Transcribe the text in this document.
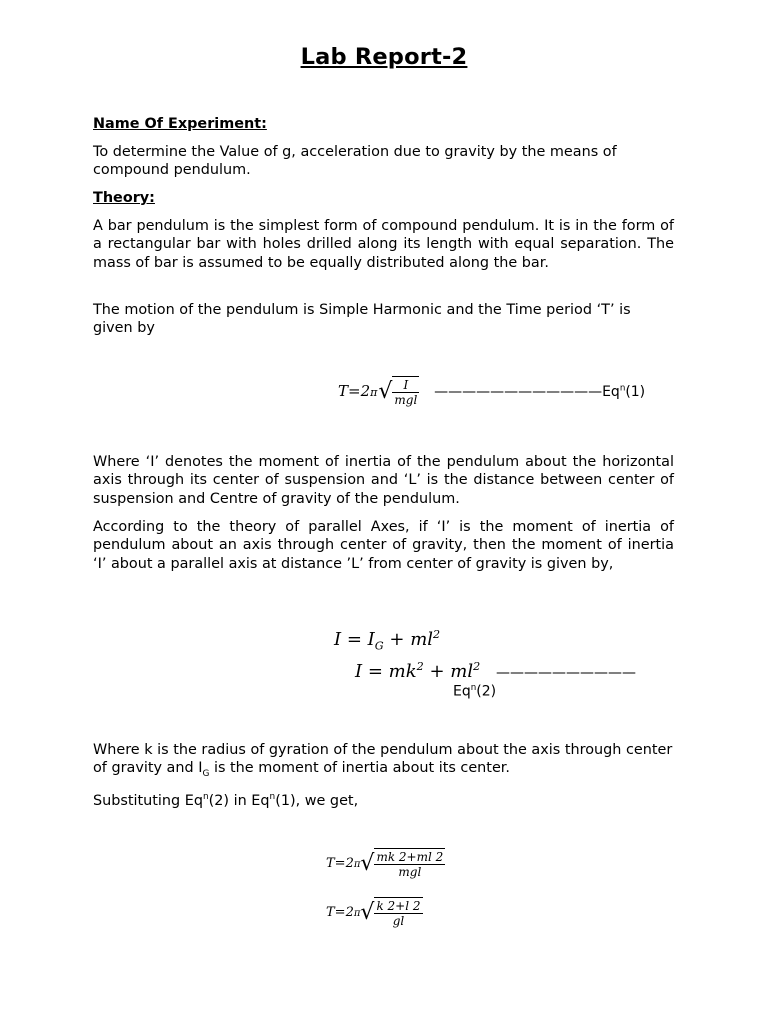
Lab Report-2
Name Of Experiment:
To determine the Value of g, acceleration due to gravity by the means of compound pendulum.
Theory:
A bar pendulum is the simplest form of compound pendulum. It is in the form of a rectangular bar with holes drilled along its length with equal separation. The mass of bar is assumed to be equally distributed along the bar.
The motion of the pendulum is Simple Harmonic and the Time period ‘T’ is given by
T=2ᴨ√ $\frac{I}{\text{mgl}}$ ————————————Eq$^n$(1)
Where ‘I’ denotes the moment of inertia of the pendulum about the horizontal axis through its center of suspension and ‘L’ is the distance between center of suspension and Centre of gravity of the pendulum.
According to the theory of parallel Axes, if ‘I’ is the moment of inertia of pendulum about an axis through center of gravity, then the moment of inertia ‘I’ about a parallel axis at distance ’L’ from center of gravity is given by,
$I = I_G + ml^2$
$I = mk^2 + ml^2$ ——————————
Eq$^n$(2)
Where k is the radius of gyration of the pendulum about the axis through center of gravity and $I_G$ is the moment of inertia about its center.
Substituting Eq$^n$(2) in Eq$^n$(1), we get,
T=2ᴨ√ $\frac{mk 2+ml 2}{\text{mgl}}$
T=2ᴨ√ $\frac{k 2+l 2}{gl}$
